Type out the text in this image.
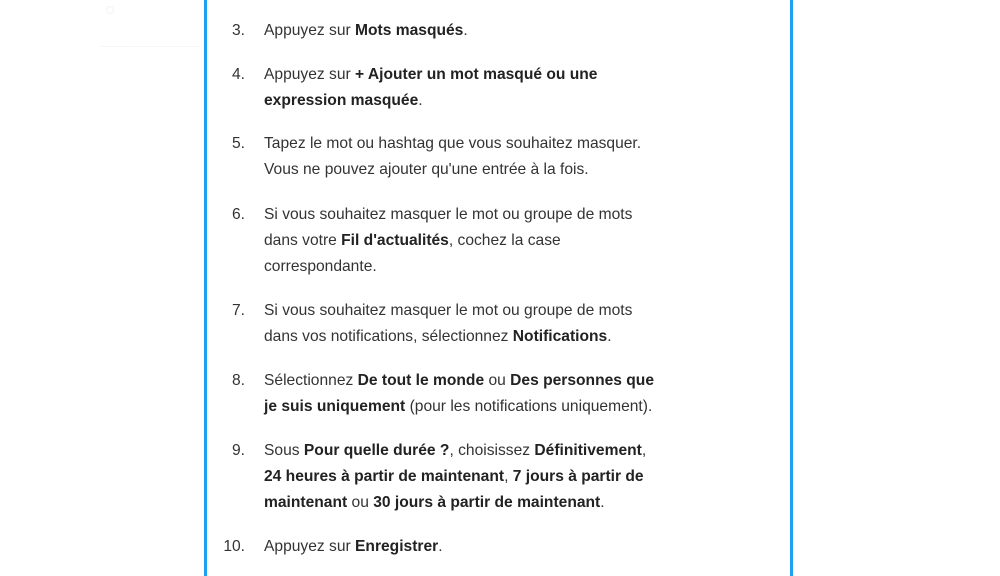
3. Appuyez sur Mots masqués.
4. Appuyez sur + Ajouter un mot masqué ou une
expression masquée.
5. Tapez le mot ou hashtag que vous souhaitez masquer.
Vous ne pouvez ajouter qu'une entrée à la fois.
6. Si vous souhaitez masquer le mot ou groupe de mots
dans votre Fil d'actualités, cochez la case
correspondante.
7. Si vous souhaitez masquer le mot ou groupe de mots
dans vos notifications, sélectionnez Notifications.
8. Sélectionnez De tout le monde ou Des personnes que
je suis uniquement (pour les notifications uniquement).
9. Sous Pour quelle durée ?, choisissez Définitivement,
24 heures à partir de maintenant, 7 jours à partir de
maintenant ou 30 jours à partir de maintenant.
10. Appuyez sur Enregistrer.
